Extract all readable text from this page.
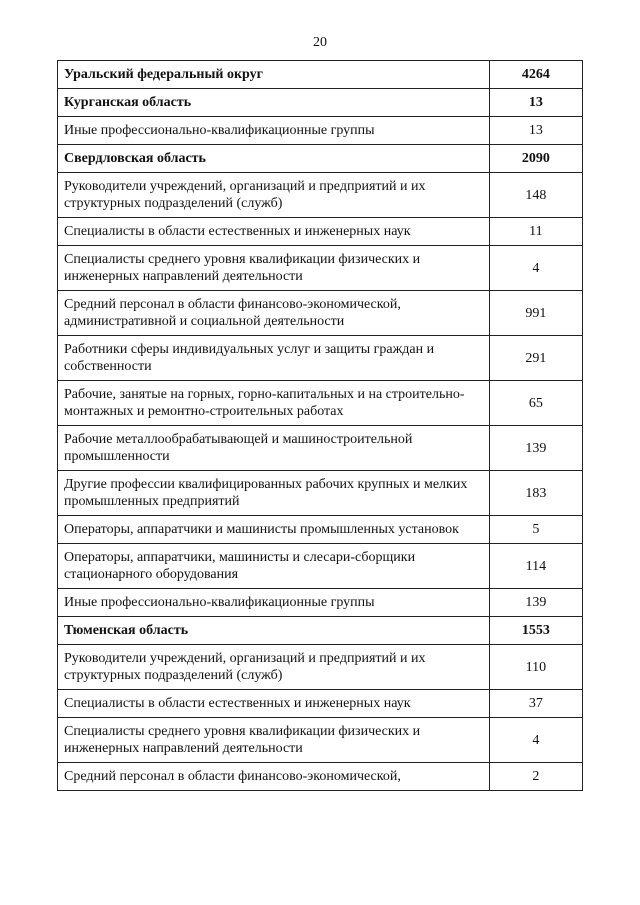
20
Уральский федеральный округ	4264
Курганская область	13
Иные профессионально-квалификационные группы	13
Свердловская область	2090
Руководители учреждений, организаций и предприятий и их структурных подразделений (служб)	148
Специалисты в области естественных и инженерных наук	11
Специалисты среднего уровня квалификации физических и инженерных направлений деятельности	4
Средний персонал в области финансово-экономической, административной и социальной деятельности	991
Работники сферы индивидуальных услуг и защиты граждан и собственности	291
Рабочие, занятые на горных, горно-капитальных и на строительно-монтажных и ремонтно-строительных работах	65
Рабочие металлообрабатывающей и машиностроительной промышленности	139
Другие профессии квалифицированных рабочих крупных и мелких промышленных предприятий	183
Операторы, аппаратчики и машинисты промышленных установок	5
Операторы, аппаратчики, машинисты и слесари-сборщики стационарного оборудования	114
Иные профессионально-квалификационные группы	139
Тюменская область	1553
Руководители учреждений, организаций и предприятий и их структурных подразделений (служб)	110
Специалисты в области естественных и инженерных наук	37
Специалисты среднего уровня квалификации физических и инженерных направлений деятельности	4
Средний персонал в области финансово-экономической,	2
